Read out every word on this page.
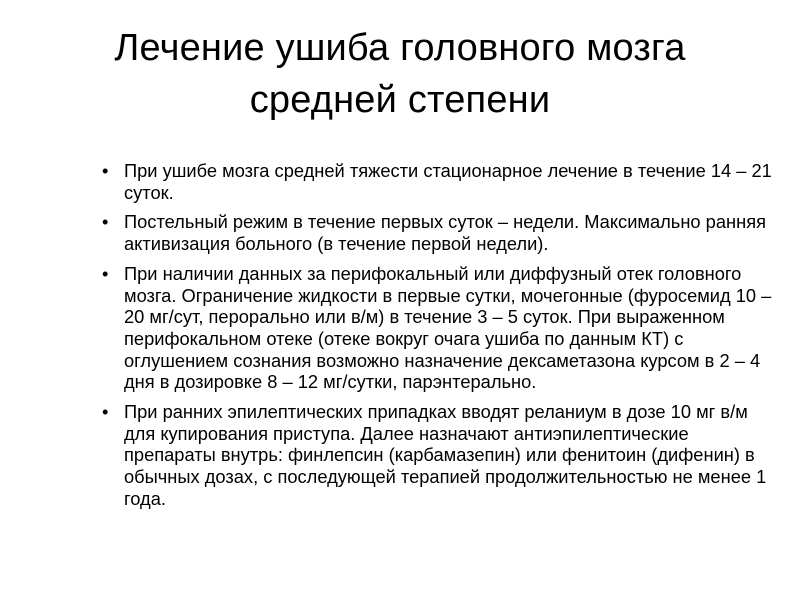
Лечение ушиба головного мозга
средней степени
• При ушибе мозга средней тяжести стационарное лечение в течение 14 – 21 суток.
• Постельный режим в течение первых суток – недели. Максимально ранняя активизация больного (в течение первой недели).
• При наличии данных за перифокальный или диффузный отек головного мозга. Ограничение жидкости в первые сутки, мочегонные (фуросемид 10 – 20 мг/сут, перорально или в/м) в течение 3 – 5 суток. При выраженном перифокальном отеке (отеке вокруг очага ушиба по данным КТ) с оглушением сознания возможно назначение дексаметазона курсом в 2 – 4 дня в дозировке 8 – 12 мг/сутки, парэнтерально.
• При ранних эпилептических припадках вводят реланиум в дозе 10 мг в/м для купирования приступа. Далее назначают антиэпилептические препараты внутрь: финлепсин (карбамазепин) или фенитоин (дифенин) в обычных дозах, с последующей терапией продолжительностью не менее 1 года.
